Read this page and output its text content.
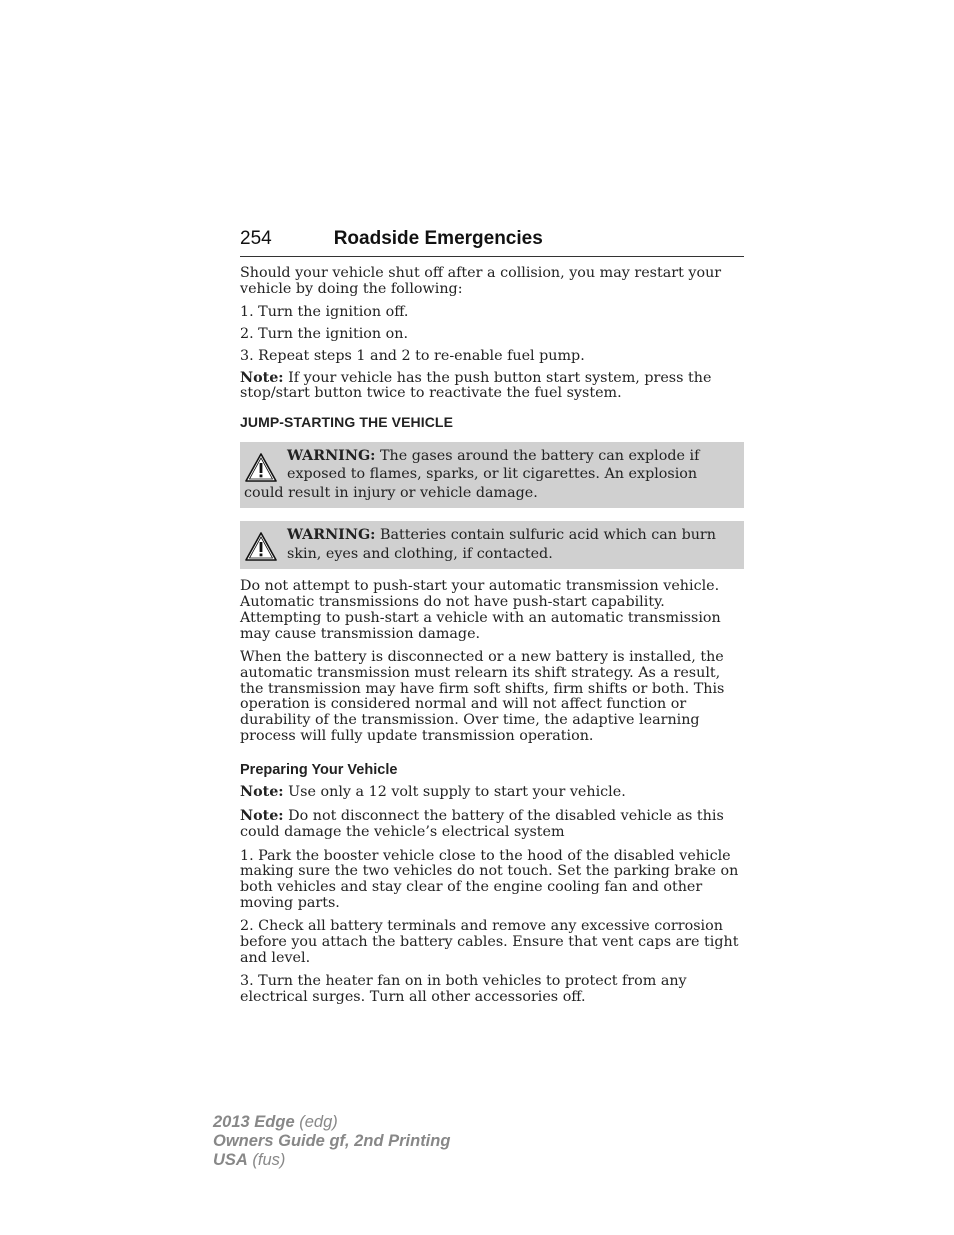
254	Roadside Emergencies

Should your vehicle shut off after a collision, you may restart your vehicle by doing the following:

1. Turn the ignition off.

2. Turn the ignition on.

3. Repeat steps 1 and 2 to re-enable fuel pump.

Note: If your vehicle has the push button start system, press the stop/start button twice to reactivate the fuel system.

JUMP-STARTING THE VEHICLE
WARNING: The gases around the battery can explode if exposed to flames, sparks, or lit cigarettes. An explosion could result in injury or vehicle damage.
WARNING: Batteries contain sulfuric acid which can burn skin, eyes and clothing, if contacted.

Do not attempt to push-start your automatic transmission vehicle. Automatic transmissions do not have push-start capability. Attempting to push-start a vehicle with an automatic transmission may cause transmission damage.

When the battery is disconnected or a new battery is installed, the automatic transmission must relearn its shift strategy. As a result, the transmission may have firm soft shifts, firm shifts or both. This operation is considered normal and will not affect function or durability of the transmission. Over time, the adaptive learning process will fully update transmission operation.

Preparing Your Vehicle

Note: Use only a 12 volt supply to start your vehicle.

Note: Do not disconnect the battery of the disabled vehicle as this could damage the vehicle’s electrical system

1. Park the booster vehicle close to the hood of the disabled vehicle making sure the two vehicles do not touch. Set the parking brake on both vehicles and stay clear of the engine cooling fan and other moving parts.

2. Check all battery terminals and remove any excessive corrosion before you attach the battery cables. Ensure that vent caps are tight and level.

3. Turn the heater fan on in both vehicles to protect from any electrical surges. Turn all other accessories off.

2013 Edge (edg)
Owners Guide gf, 2nd Printing
USA (fus)
